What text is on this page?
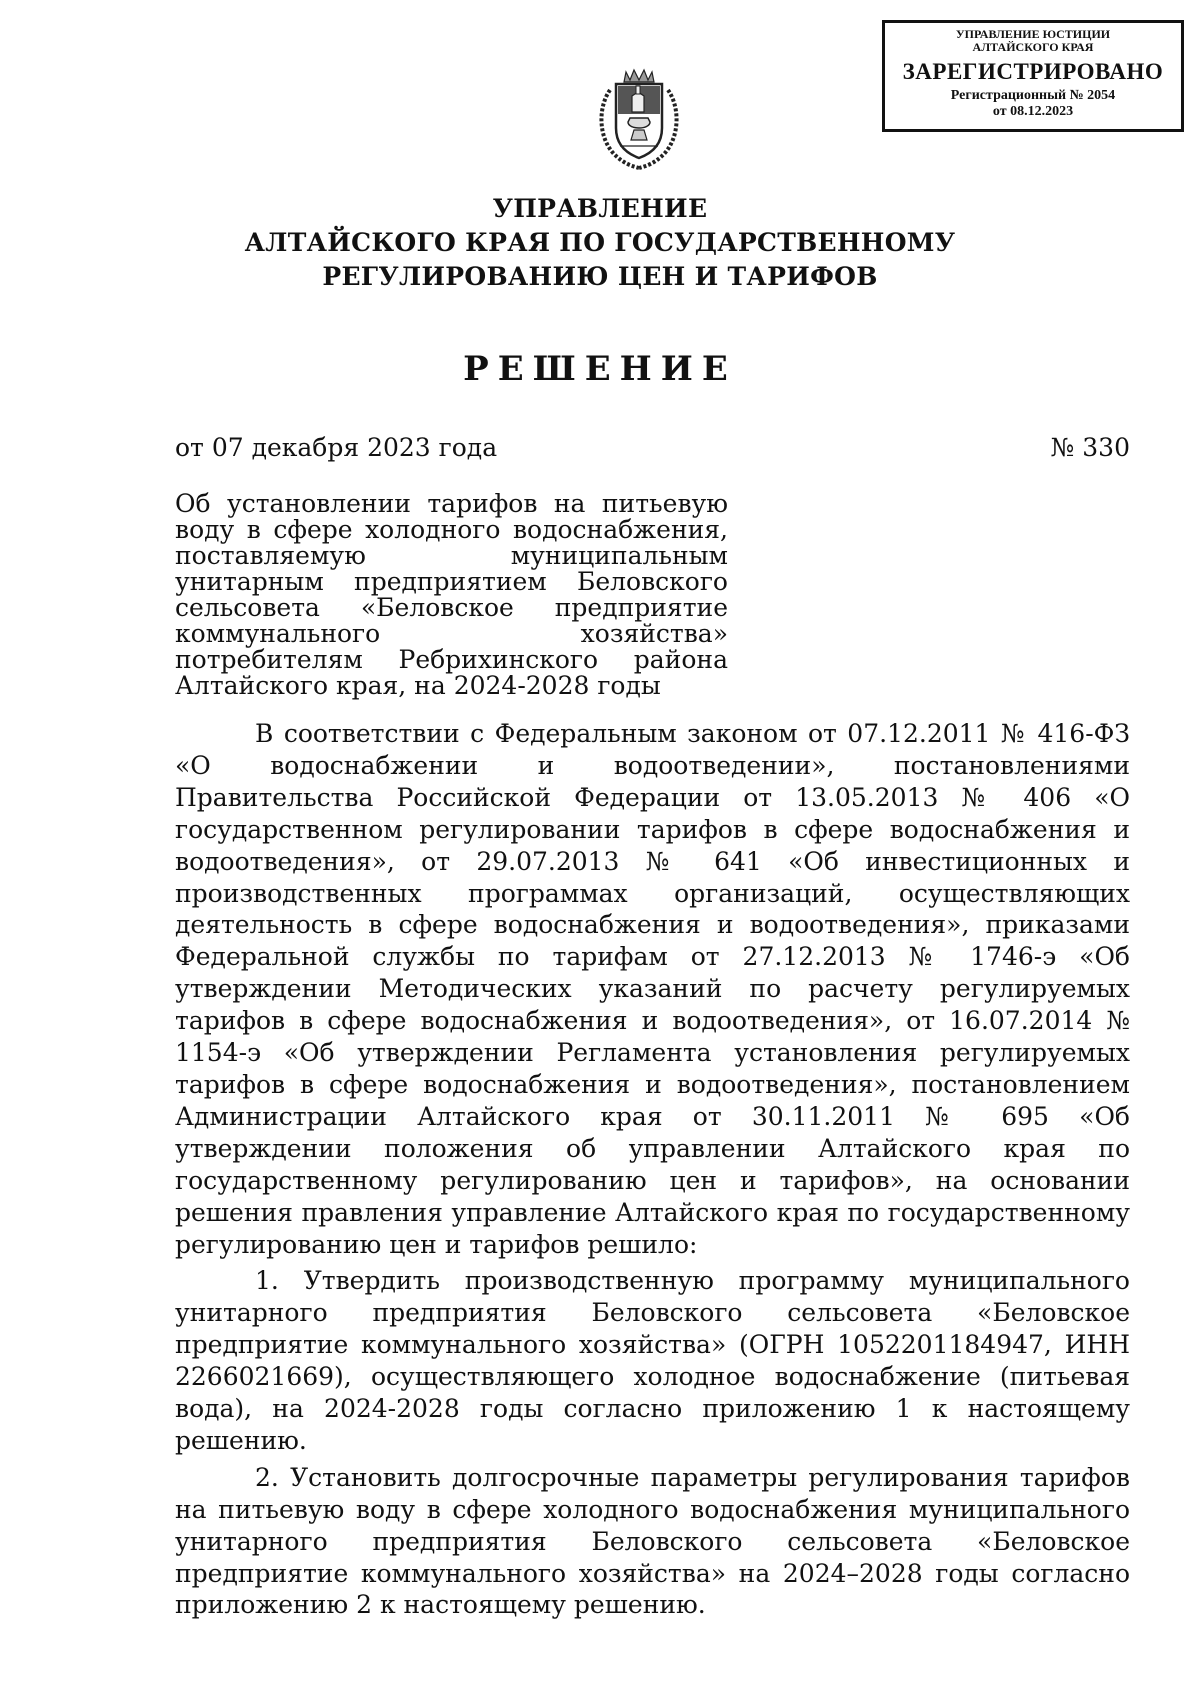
УПРАВЛЕНИЕ ЮСТИЦИИ
АЛТАЙСКОГО КРАЯ
ЗАРЕГИСТРИРОВАНО
Регистрационный № 2054
от 08.12.2023
УПРАВЛЕНИЕ
АЛТАЙСКОГО КРАЯ ПО ГОСУДАРСТВЕННОМУ
РЕГУЛИРОВАНИЮ ЦЕН И ТАРИФОВ
РЕШЕНИЕ
от 07 декабря 2023 года	№ 330
Об установлении тарифов на питьевую воду в сфере холодного водоснабжения, поставляемую муниципальным унитарным предприятием Беловского сельсовета «Беловское предприятие коммунального хозяйства» потребителям Ребрихинского района Алтайского края, на 2024-2028 годы

В соответствии с Федеральным законом от 07.12.2011 № 416-ФЗ «О водоснабжении и водоотведении», постановлениями Правительства Российской Федерации от 13.05.2013 № 406 «О государственном регулировании тарифов в сфере водоснабжения и водоотведения», от 29.07.2013 № 641 «Об инвестиционных и производственных программах организаций, осуществляющих деятельность в сфере водоснабжения и водоотведения», приказами Федеральной службы по тарифам от 27.12.2013 № 1746-э «Об утверждении Методических указаний по расчету регулируемых тарифов в сфере водоснабжения и водоотведения», от 16.07.2014 № 1154-э «Об утверждении Регламента установления регулируемых тарифов в сфере водоснабжения и водоотведения», постановлением Администрации Алтайского края от 30.11.2011 № 695 «Об утверждении положения об управлении Алтайского края по государственному регулированию цен и тарифов», на основании решения правления управление Алтайского края по государственному регулированию цен и тарифов решило:

1. Утвердить производственную программу муниципального унитарного предприятия Беловского сельсовета «Беловское предприятие коммунального хозяйства» (ОГРН 1052201184947, ИНН 2266021669), осуществляющего холодное водоснабжение (питьевая вода), на 2024-2028 годы согласно приложению 1 к настоящему решению.

2. Установить долгосрочные параметры регулирования тарифов на питьевую воду в сфере холодного водоснабжения муниципального унитарного предприятия Беловского сельсовета «Беловское предприятие коммунального хозяйства» на 2024–2028 годы согласно приложению 2 к настоящему решению.
